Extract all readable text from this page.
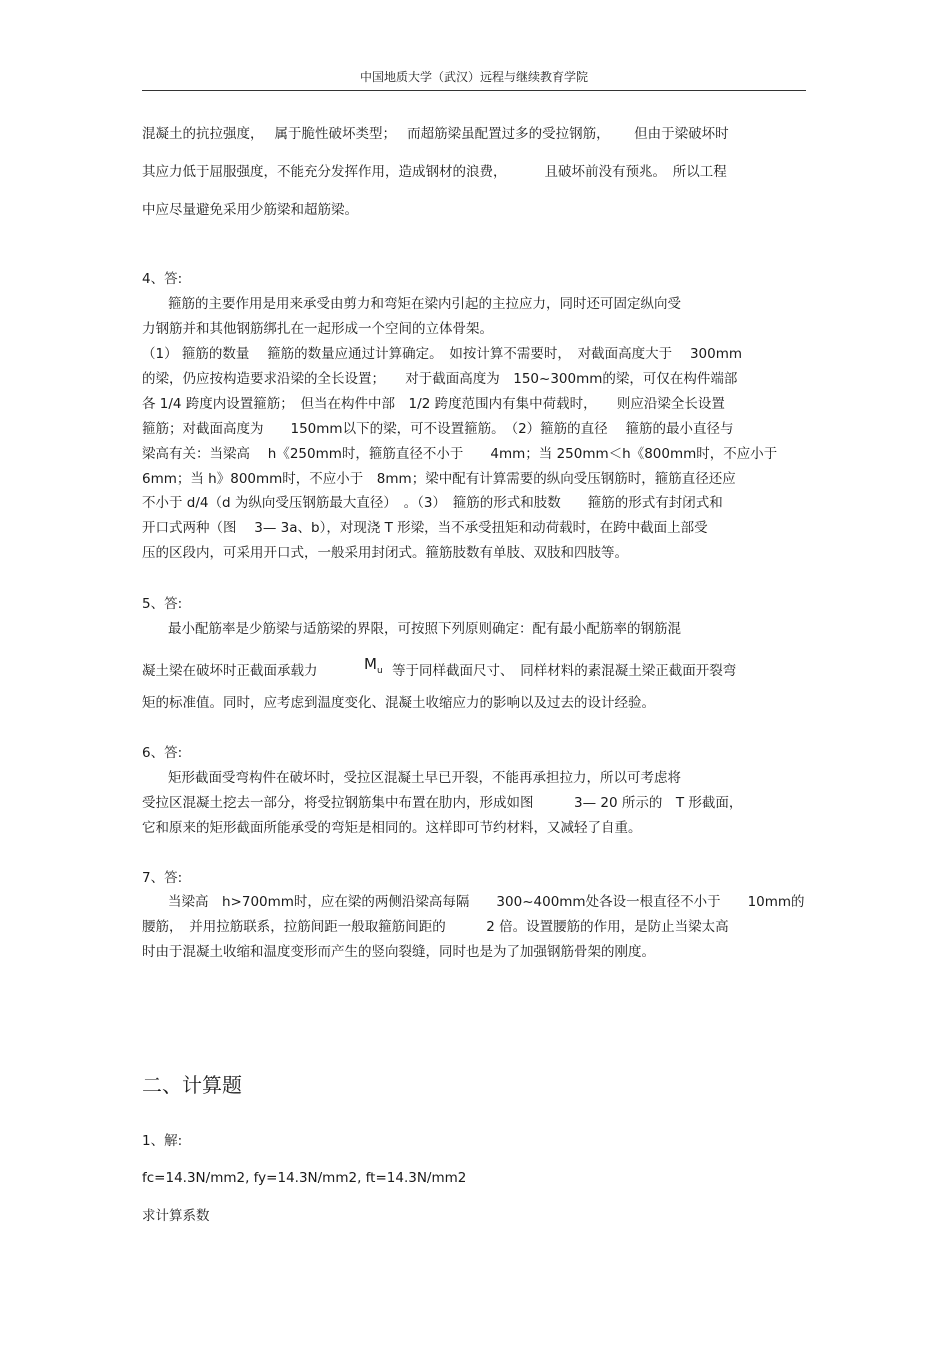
中国地质大学（武汉）远程与继续教育学院
混凝土的抗拉强度，　 属于脆性破坏类型；　 而超筋梁虽配置过多的受拉钢筋，　　 但由于梁破坏时
其应力低于屈服强度，不能充分发挥作用，造成钢材的浪费，　　　 且破坏前没有预兆。　所以工程
中应尽量避免采用少筋梁和超筋梁。
4、答:
箍筋的主要作用是用来承受由剪力和弯矩在梁内引起的主拉应力，同时还可固定纵向受
力钢筋并和其他钢筋绑扎在一起形成一个空间的立体骨架。
（1） 箍筋的数量　 箍筋的数量应通过计算确定。　如按计算不需要时，　对截面高度大于　 300mm
的梁，仍应按构造要求沿梁的全长设置；　　对于截面高度为　150~300mm的梁，可仅在构件端部
各 1/4 跨度内设置箍筋；　但当在构件中部　1/2 跨度范围内有集中荷载时，　　则应沿梁全长设置
箍筋；对截面高度为　　150mm以下的梁，可不设置箍筋。　（2）箍筋的直径　 箍筋的最小直径与
梁高有关：当梁高　 h《250mm时，箍筋直径不小于　　4mm；当 250mm＜h《800mm时，不应小于
6mm；当 h》800mm时，不应小于　8mm；梁中配有计算需要的纵向受压钢筋时，箍筋直径还应
不小于 d/4（d 为纵向受压钢筋最大直径）　。（3）　箍筋的形式和肢数　　箍筋的形式有封闭式和
开口式两种（图　 3— 3a、b），对现浇 T 形梁，当不承受扭矩和动荷载时，在跨中截面上部受
压的区段内，可采用开口式，一般采用封闭式。箍筋肢数有单肢、双肢和四肢等。
5、答:
最小配筋率是少筋梁与适筋梁的界限，可按照下列原则确定：配有最小配筋率的钢筋混
凝土梁在破坏时正截面承载力	$M_u$ 等于同样截面尺寸、　同样材料的素混凝土梁正截面开裂弯
矩的标准值。同时，应考虑到温度变化、混凝土收缩应力的影响以及过去的设计经验。
6、答:
矩形截面受弯构件在破坏时，受拉区混凝土早已开裂，不能再承担拉力，所以可考虑将
受拉区混凝土挖去一部分，将受拉钢筋集中布置在肋内，形成如图　　　3— 20 所示的　T 形截面，
它和原来的矩形截面所能承受的弯矩是相同的。这样即可节约材料，又减轻了自重。
7、答:
当梁高　h>700mm时，应在梁的两侧沿梁高每隔　　300~400mm处各设一根直径不小于　　10mm的
腰筋，　并用拉筋联系，拉筋间距一般取箍筋间距的　　　2 倍。设置腰筋的作用，是防止当梁太高
时由于混凝土收缩和温度变形而产生的竖向裂缝，同时也是为了加强钢筋骨架的刚度。
二、计算题
1、解:
fc=14.3N/mm2, fy=14.3N/mm2, ft=14.3N/mm2
求计算系数
